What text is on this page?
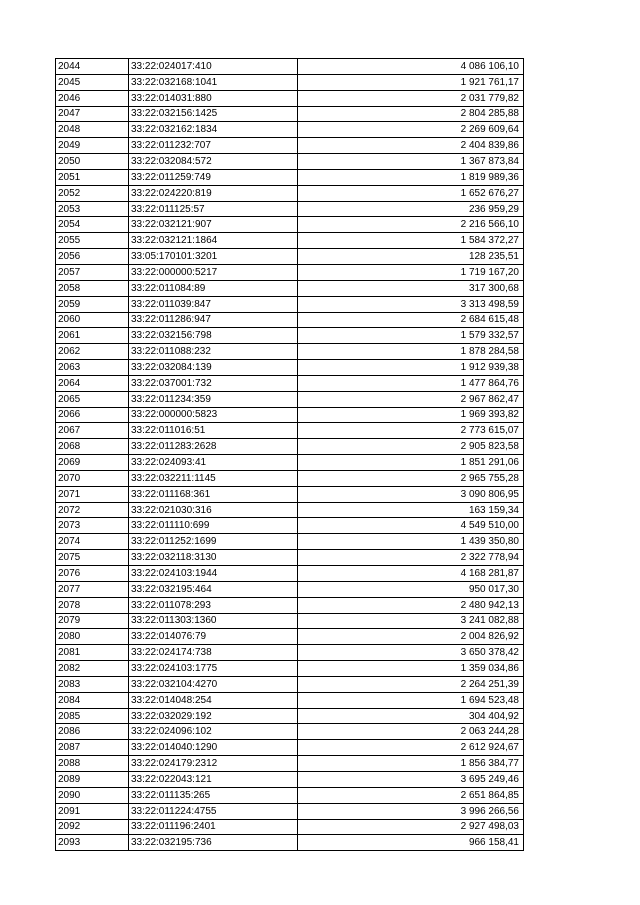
2044	33:22:024017:410	4 086 106,10
2045	33:22:032168:1041	1 921 761,17
2046	33:22:014031:880	2 031 779,82
2047	33:22:032156:1425	2 804 285,88
2048	33:22:032162:1834	2 269 609,64
2049	33:22:011232:707	2 404 839,86
2050	33:22:032084:572	1 367 873,84
2051	33:22:011259:749	1 819 989,36
2052	33:22:024220:819	1 652 676,27
2053	33:22:011125:57	236 959,29
2054	33:22:032121:907	2 216 566,10
2055	33:22:032121:1864	1 584 372,27
2056	33:05:170101:3201	128 235,51
2057	33:22:000000:5217	1 719 167,20
2058	33:22:011084:89	317 300,68
2059	33:22:011039:847	3 313 498,59
2060	33:22:011286:947	2 684 615,48
2061	33:22:032156:798	1 579 332,57
2062	33:22:011088:232	1 878 284,58
2063	33:22:032084:139	1 912 939,38
2064	33:22:037001:732	1 477 864,76
2065	33:22:011234:359	2 967 862,47
2066	33:22:000000:5823	1 969 393,82
2067	33:22:011016:51	2 773 615,07
2068	33:22:011283:2628	2 905 823,58
2069	33:22:024093:41	1 851 291,06
2070	33:22:032211:1145	2 965 755,28
2071	33:22:011168:361	3 090 806,95
2072	33:22:021030:316	163 159,34
2073	33:22:011110:699	4 549 510,00
2074	33:22:011252:1699	1 439 350,80
2075	33:22:032118:3130	2 322 778,94
2076	33:22:024103:1944	4 168 281,87
2077	33:22:032195:464	950 017,30
2078	33:22:011078:293	2 480 942,13
2079	33:22:011303:1360	3 241 082,88
2080	33:22:014076:79	2 004 826,92
2081	33:22:024174:738	3 650 378,42
2082	33:22:024103:1775	1 359 034,86
2083	33:22:032104:4270	2 264 251,39
2084	33:22:014048:254	1 694 523,48
2085	33:22:032029:192	304 404,92
2086	33:22:024096:102	2 063 244,28
2087	33:22:014040:1290	2 612 924,67
2088	33:22:024179:2312	1 856 384,77
2089	33:22:022043:121	3 695 249,46
2090	33:22:011135:265	2 651 864,85
2091	33:22:011224:4755	3 996 266,56
2092	33:22:011196:2401	2 927 498,03
2093	33:22:032195:736	966 158,41
